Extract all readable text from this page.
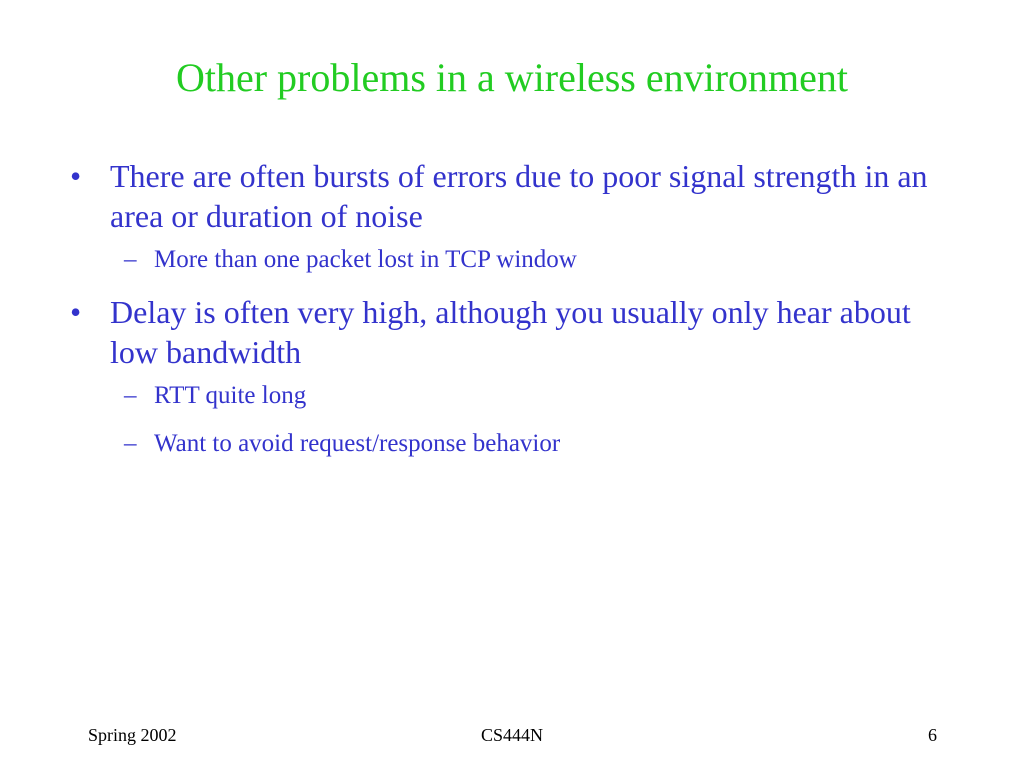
Other problems in a wireless environment
• There are often bursts of errors due to poor signal strength in an area or duration of noise
– More than one packet lost in TCP window
• Delay is often very high, although you usually only hear about low bandwidth
– RTT quite long
– Want to avoid request/response behavior
Spring 2002	CS444N	6
